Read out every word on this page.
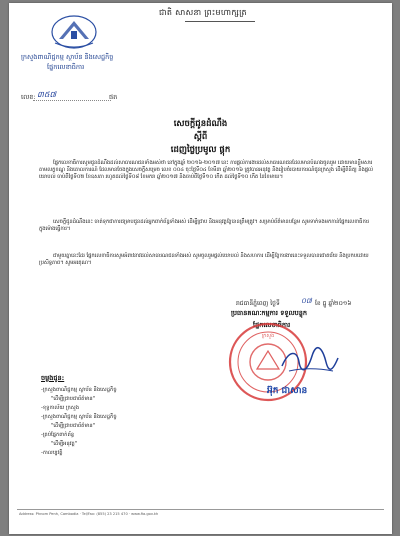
ជាតិ សាសនា ព្រះមហាក្សត្រ
ក្រសួងពាណិជ្ជកម្ម ស្ថាប័ន និងសេដ្ឋកិច្ច
ផ្នែកលេខាធិការ
លេខ: ៣៥៧	ផត
សេចក្តីជូនដំណឹង
ស្តីពី
ដេញថ្លៃប្រមូល ផ្តុក
ផ្នែកលេខាធិការសូមជូនដំណឹងដល់សាធារណជនទាំងអស់ថា នៅក្នុងឆ្នាំ ២០១៦-២០១៧ នេះ ការផ្តល់ការងារដល់សាធារណជនដែលមានបំណងចូលរួម ដោយមានខ្លឹមសារតាមលក្ខខណ្ឌ និងគោលការណ៍ ដែលមានចែងក្នុងសេចក្តីសម្រេច លេខ ០០៤ ចុះថ្ងៃទី០៤ ខែមីនា ឆ្នាំ២០១៦ ត្រូវបានអនុវត្ត និងរៀបចំរបាយការណ៍ជូនក្រសួង ដើម្បីពិនិត្យ និងផ្តល់យោបល់ ចាប់ពីថ្ងៃទី០២ ខែឧសភា រហូតដល់ថ្ងៃទី០៨ ខែមករា ឆ្នាំ២០១៧ និងចាប់ពីថ្ងៃទី១០ កើត ដល់ថ្ងៃទី១០ កើត នៃខែមាឃ។
សេចក្តីជូនដំណឹងនេះ ចាត់ទុកជាការជម្រាបជូនដល់អ្នកពាក់ព័ន្ធទាំងអស់ ដើម្បីជ្រាប និងអនុវត្តឱ្យបានត្រឹមត្រូវ។ សម្រាប់ព័ត៌មានបន្ថែម សូមទាក់ទងមកកាន់ផ្នែកលេខាធិការ ក្នុងម៉ោងធ្វើការ។
ជាមួយគ្នានេះដែរ ផ្នែកលេខាធិការសូមអំពាវនាវដល់សាធារណជនទាំងអស់ សូមចូលរួមផ្តល់យោបល់ និងសហការ ដើម្បីឱ្យការងារនេះទទួលបានជោគជ័យ និងប្រកបដោយប្រសិទ្ធភាព។ សូមអរគុណ។
រាជធានីភ្នំពេញ ថ្ងៃទី	០៧ ខែ ធ្នូ ឆ្នាំ២០១៦
ប្រធានគណៈកម្មការ ទទួលបន្ទុក
ផ្នែកលេខាធិការ
ក្រសួង
អ៊ុក ជាសាន
ចម្លងជូន:
-ក្រសួងពាណិជ្ជកម្ម ស្ថាប័ន និងសេដ្ឋកិច្ច
"ដើម្បីជ្រាបជាព័ត៌មាន"
-ខុទ្ទកាល័យ ក្រសួង
-ក្រសួងពាណិជ្ជកម្ម ស្ថាប័ន និងសេដ្ឋកិច្ច
"ដើម្បីជ្រាបជាព័ត៌មាន"
-គ្រប់ផ្នែកពាក់ព័ន្ធ
"ដើម្បីអនុវត្ត"
-កាលប្បវត្តិ
Address: Phnom Penh, Cambodia · Tel/Fax: (855) 23 215 470 · www.fia.gov.kh
